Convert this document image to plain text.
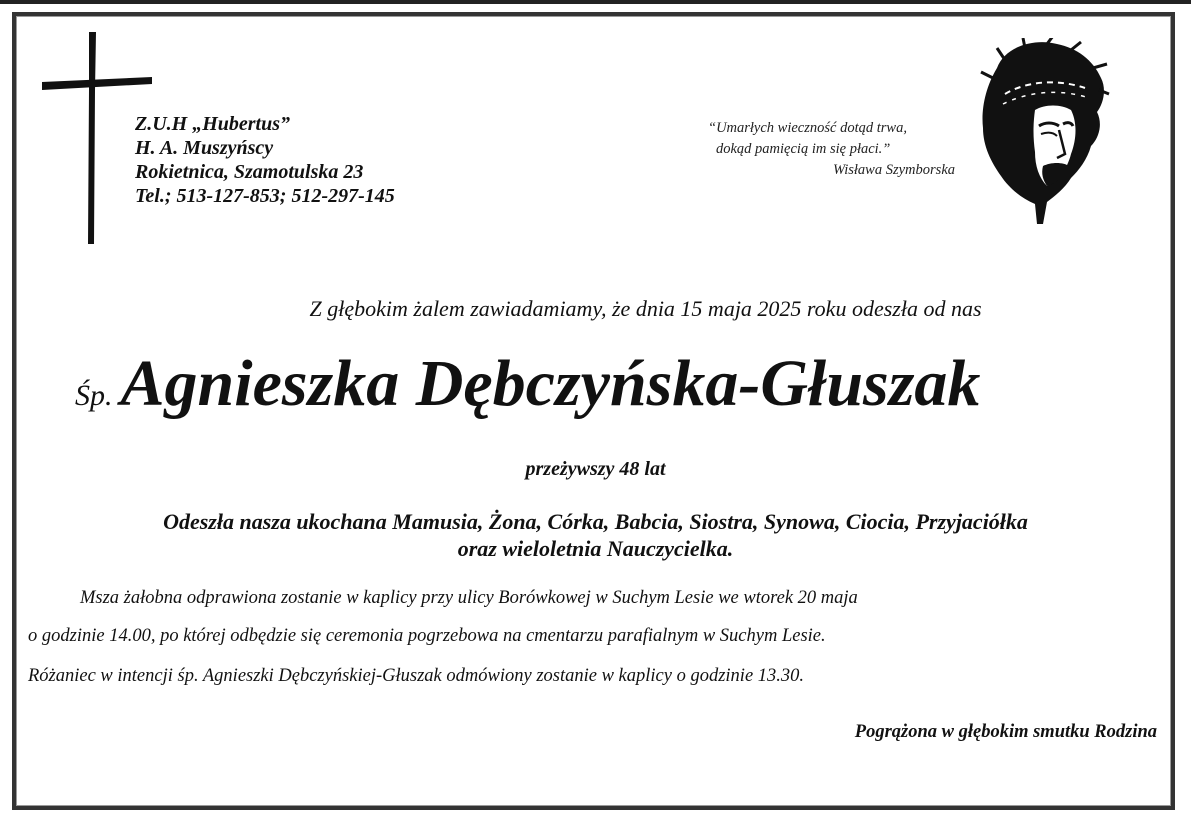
Z.U.H „Hubertus”
H. A. Muszyńscy
Rokietnica, Szamotulska 23
Tel.; 513-127-853; 512-297-145
“Umarłych wieczność dotąd trwa,
dokąd pamięcią im się płaci.”
Wisława Szymborska
Z głębokim żalem zawiadamiamy, że dnia 15 maja 2025 roku odeszła od nas
Śp. Agnieszka Dębczyńska-Głuszak
przeżywszy 48 lat
Odeszła nasza ukochana Mamusia, Żona, Córka, Babcia, Siostra, Synowa, Ciocia, Przyjaciółka
oraz wieloletnia Nauczycielka.
Msza żałobna odprawiona zostanie w kaplicy przy ulicy Borówkowej w Suchym Lesie we wtorek 20 maja
o godzinie 14.00, po której odbędzie się ceremonia pogrzebowa na cmentarzu parafialnym w Suchym Lesie.
Różaniec w intencji śp. Agnieszki Dębczyńskiej-Głuszak odmówiony zostanie w kaplicy o godzinie 13.30.
Pogrążona w głębokim smutku Rodzina
